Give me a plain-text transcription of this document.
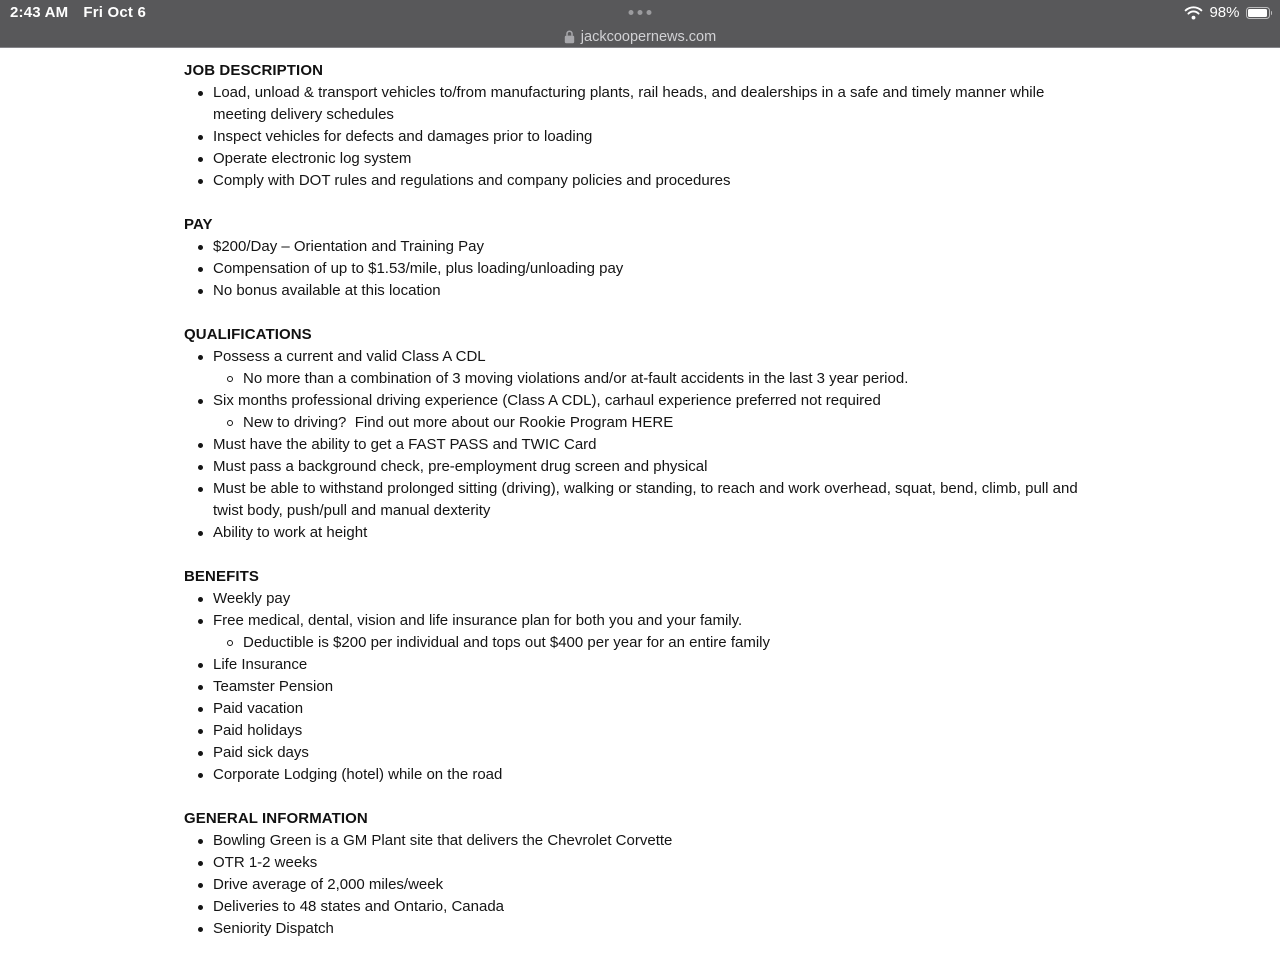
2:43 AM Fri Oct 6	98%
jackcoopernews.com
JOB DESCRIPTION
Load, unload & transport vehicles to/from manufacturing plants, rail heads, and dealerships in a safe and timely manner while meeting delivery schedules
Inspect vehicles for defects and damages prior to loading
Operate electronic log system
Comply with DOT rules and regulations and company policies and procedures
PAY
$200/Day – Orientation and Training Pay
Compensation of up to $1.53/mile, plus loading/unloading pay
No bonus available at this location
QUALIFICATIONS
Possess a current and valid Class A CDL
No more than a combination of 3 moving violations and/or at-fault accidents in the last 3 year period.
Six months professional driving experience (Class A CDL), carhaul experience preferred not required
New to driving?  Find out more about our Rookie Program HERE
Must have the ability to get a FAST PASS and TWIC Card
Must pass a background check, pre-employment drug screen and physical
Must be able to withstand prolonged sitting (driving), walking or standing, to reach and work overhead, squat, bend, climb, pull and twist body, push/pull and manual dexterity
Ability to work at height
BENEFITS
Weekly pay
Free medical, dental, vision and life insurance plan for both you and your family.
Deductible is $200 per individual and tops out $400 per year for an entire family
Life Insurance
Teamster Pension
Paid vacation
Paid holidays
Paid sick days
Corporate Lodging (hotel) while on the road
GENERAL INFORMATION
Bowling Green is a GM Plant site that delivers the Chevrolet Corvette
OTR 1-2 weeks
Drive average of 2,000 miles/week
Deliveries to 48 states and Ontario, Canada
Seniority Dispatch
